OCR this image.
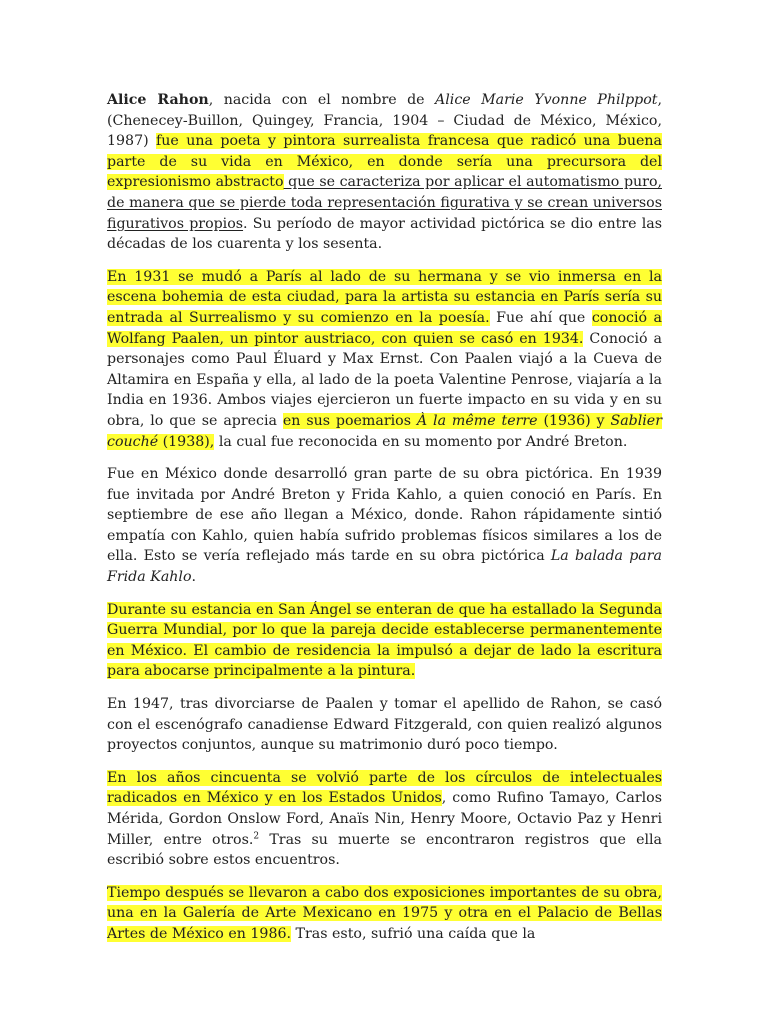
Alice Rahon, nacida con el nombre de Alice Marie Yvonne Philppot, (Chenecey-Buillon, Quingey, Francia, 1904 – Ciudad de México, México, 1987) fue una poeta y pintora surrealista francesa que radicó una buena parte de su vida en México, en donde sería una precursora del expresionismo abstracto que se caracteriza por aplicar el automatismo puro, de manera que se pierde toda representación figurativa y se crean universos figurativos propios. Su período de mayor actividad pictórica se dio entre las décadas de los cuarenta y los sesenta.

En 1931 se mudó a París al lado de su hermana y se vio inmersa en la escena bohemia de esta ciudad, para la artista su estancia en París sería su entrada al Surrealismo y su comienzo en la poesía. Fue ahí que conoció a Wolfang Paalen, un pintor austriaco, con quien se casó en 1934. Conoció a personajes como Paul Éluard y Max Ernst. Con Paalen viajó a la Cueva de Altamira en España y ella, al lado de la poeta Valentine Penrose, viajaría a la India en 1936. Ambos viajes ejercieron un fuerte impacto en su vida y en su obra, lo que se aprecia en sus poemarios À la même terre (1936) y Sablier couché (1938), la cual fue reconocida en su momento por André Breton.

Fue en México donde desarrolló gran parte de su obra pictórica. En 1939 fue invitada por André Breton y Frida Kahlo, a quien conoció en París. En septiembre de ese año llegan a México, donde. Rahon rápidamente sintió empatía con Kahlo, quien había sufrido problemas físicos similares a los de ella. Esto se vería reflejado más tarde en su obra pictórica La balada para Frida Kahlo.

Durante su estancia en San Ángel se enteran de que ha estallado la Segunda Guerra Mundial, por lo que la pareja decide establecerse permanentemente en México. El cambio de residencia la impulsó a dejar de lado la escritura para abocarse principalmente a la pintura.

En 1947, tras divorciarse de Paalen y tomar el apellido de Rahon, se casó con el escenógrafo canadiense Edward Fitzgerald, con quien realizó algunos proyectos conjuntos, aunque su matrimonio duró poco tiempo.

En los años cincuenta se volvió parte de los círculos de intelectuales radicados en México y en los Estados Unidos, como Rufino Tamayo, Carlos Mérida, Gordon Onslow Ford, Anaïs Nin, Henry Moore, Octavio Paz y Henri Miller, entre otros.$^2$ Tras su muerte se encontraron registros que ella escribió sobre estos encuentros.

Tiempo después se llevaron a cabo dos exposiciones importantes de su obra, una en la Galería de Arte Mexicano en 1975 y otra en el Palacio de Bellas Artes de México en 1986. Tras esto, sufrió una caída que la
